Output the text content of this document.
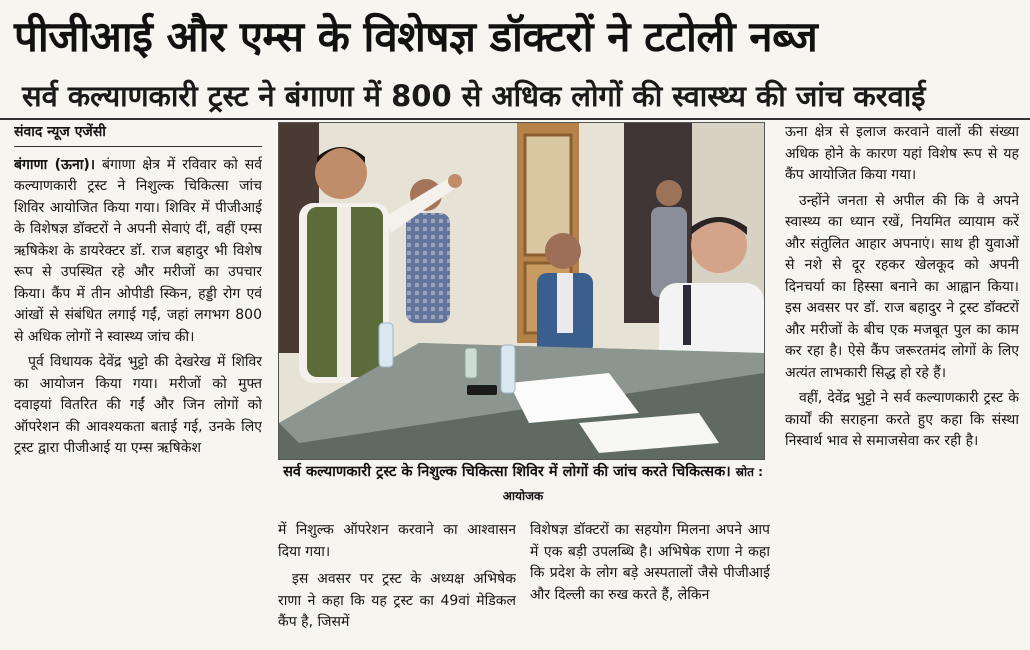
पीजीआई और एम्स के विशेषज्ञ डॉक्टरों ने टटोली नब्ज
सर्व कल्याणकारी ट्रस्ट ने बंगाणा में 800 से अधिक लोगों की स्वास्थ्य की जांच करवाई
संवाद न्यूज एजेंसी

बंगाणा (ऊना)। बंगाणा क्षेत्र में रविवार को सर्व कल्याणकारी ट्रस्ट ने निशुल्क चिकित्सा जांच शिविर आयोजित किया गया। शिविर में पीजीआई के विशेषज्ञ डॉक्टरों ने अपनी सेवाएं दीं, वहीं एम्स ऋषिकेश के डायरेक्टर डॉ. राज बहादुर भी विशेष रूप से उपस्थित रहे और मरीजों का उपचार किया। कैंप में तीन ओपीडी स्किन, हड्डी रोग एवं आंखों से संबंधित लगाई गईं, जहां लगभग 800 से अधिक लोगों ने स्वास्थ्य जांच की।

पूर्व विधायक देवेंद्र भुट्टो की देखरेख में शिविर का आयोजन किया गया। मरीजों को मुफ्त दवाइयां वितरित की गईं और जिन लोगों को ऑपरेशन की आवश्यकता बताई गई, उनके लिए ट्रस्ट द्वारा पीजीआई या एम्स ऋषिकेश

सर्व कल्याणकारी ट्रस्ट के निशुल्क चिकित्सा शिविर में लोगों की जांच करते चिकित्सक। स्रोत : आयोजक

में निशुल्क ऑपरेशन करवाने का आश्वासन दिया गया।

इस अवसर पर ट्रस्ट के अध्यक्ष अभिषेक राणा ने कहा कि यह ट्रस्ट का 49वां मेडिकल कैंप है, जिसमें

विशेषज्ञ डॉक्टरों का सहयोग मिलना अपने आप में एक बड़ी उपलब्धि है। अभिषेक राणा ने कहा कि प्रदेश के लोग बड़े अस्पतालों जैसे पीजीआई और दिल्ली का रुख करते हैं, लेकिन

ऊना क्षेत्र से इलाज करवाने वालों की संख्या अधिक होने के कारण यहां विशेष रूप से यह कैंप आयोजित किया गया।

उन्होंने जनता से अपील की कि वे अपने स्वास्थ्य का ध्यान रखें, नियमित व्यायाम करें और संतुलित आहार अपनाएं। साथ ही युवाओं से नशे से दूर रहकर खेलकूद को अपनी दिनचर्या का हिस्सा बनाने का आह्वान किया। इस अवसर पर डॉ. राज बहादुर ने ट्रस्ट डॉक्टरों और मरीजों के बीच एक मजबूत पुल का काम कर रहा है। ऐसे कैंप जरूरतमंद लोगों के लिए अत्यंत लाभकारी सिद्ध हो रहे हैं।

वहीं, देवेंद्र भुट्टो ने सर्व कल्याणकारी ट्रस्ट के कार्यों की सराहना करते हुए कहा कि संस्था निस्वार्थ भाव से समाजसेवा कर रही है।
